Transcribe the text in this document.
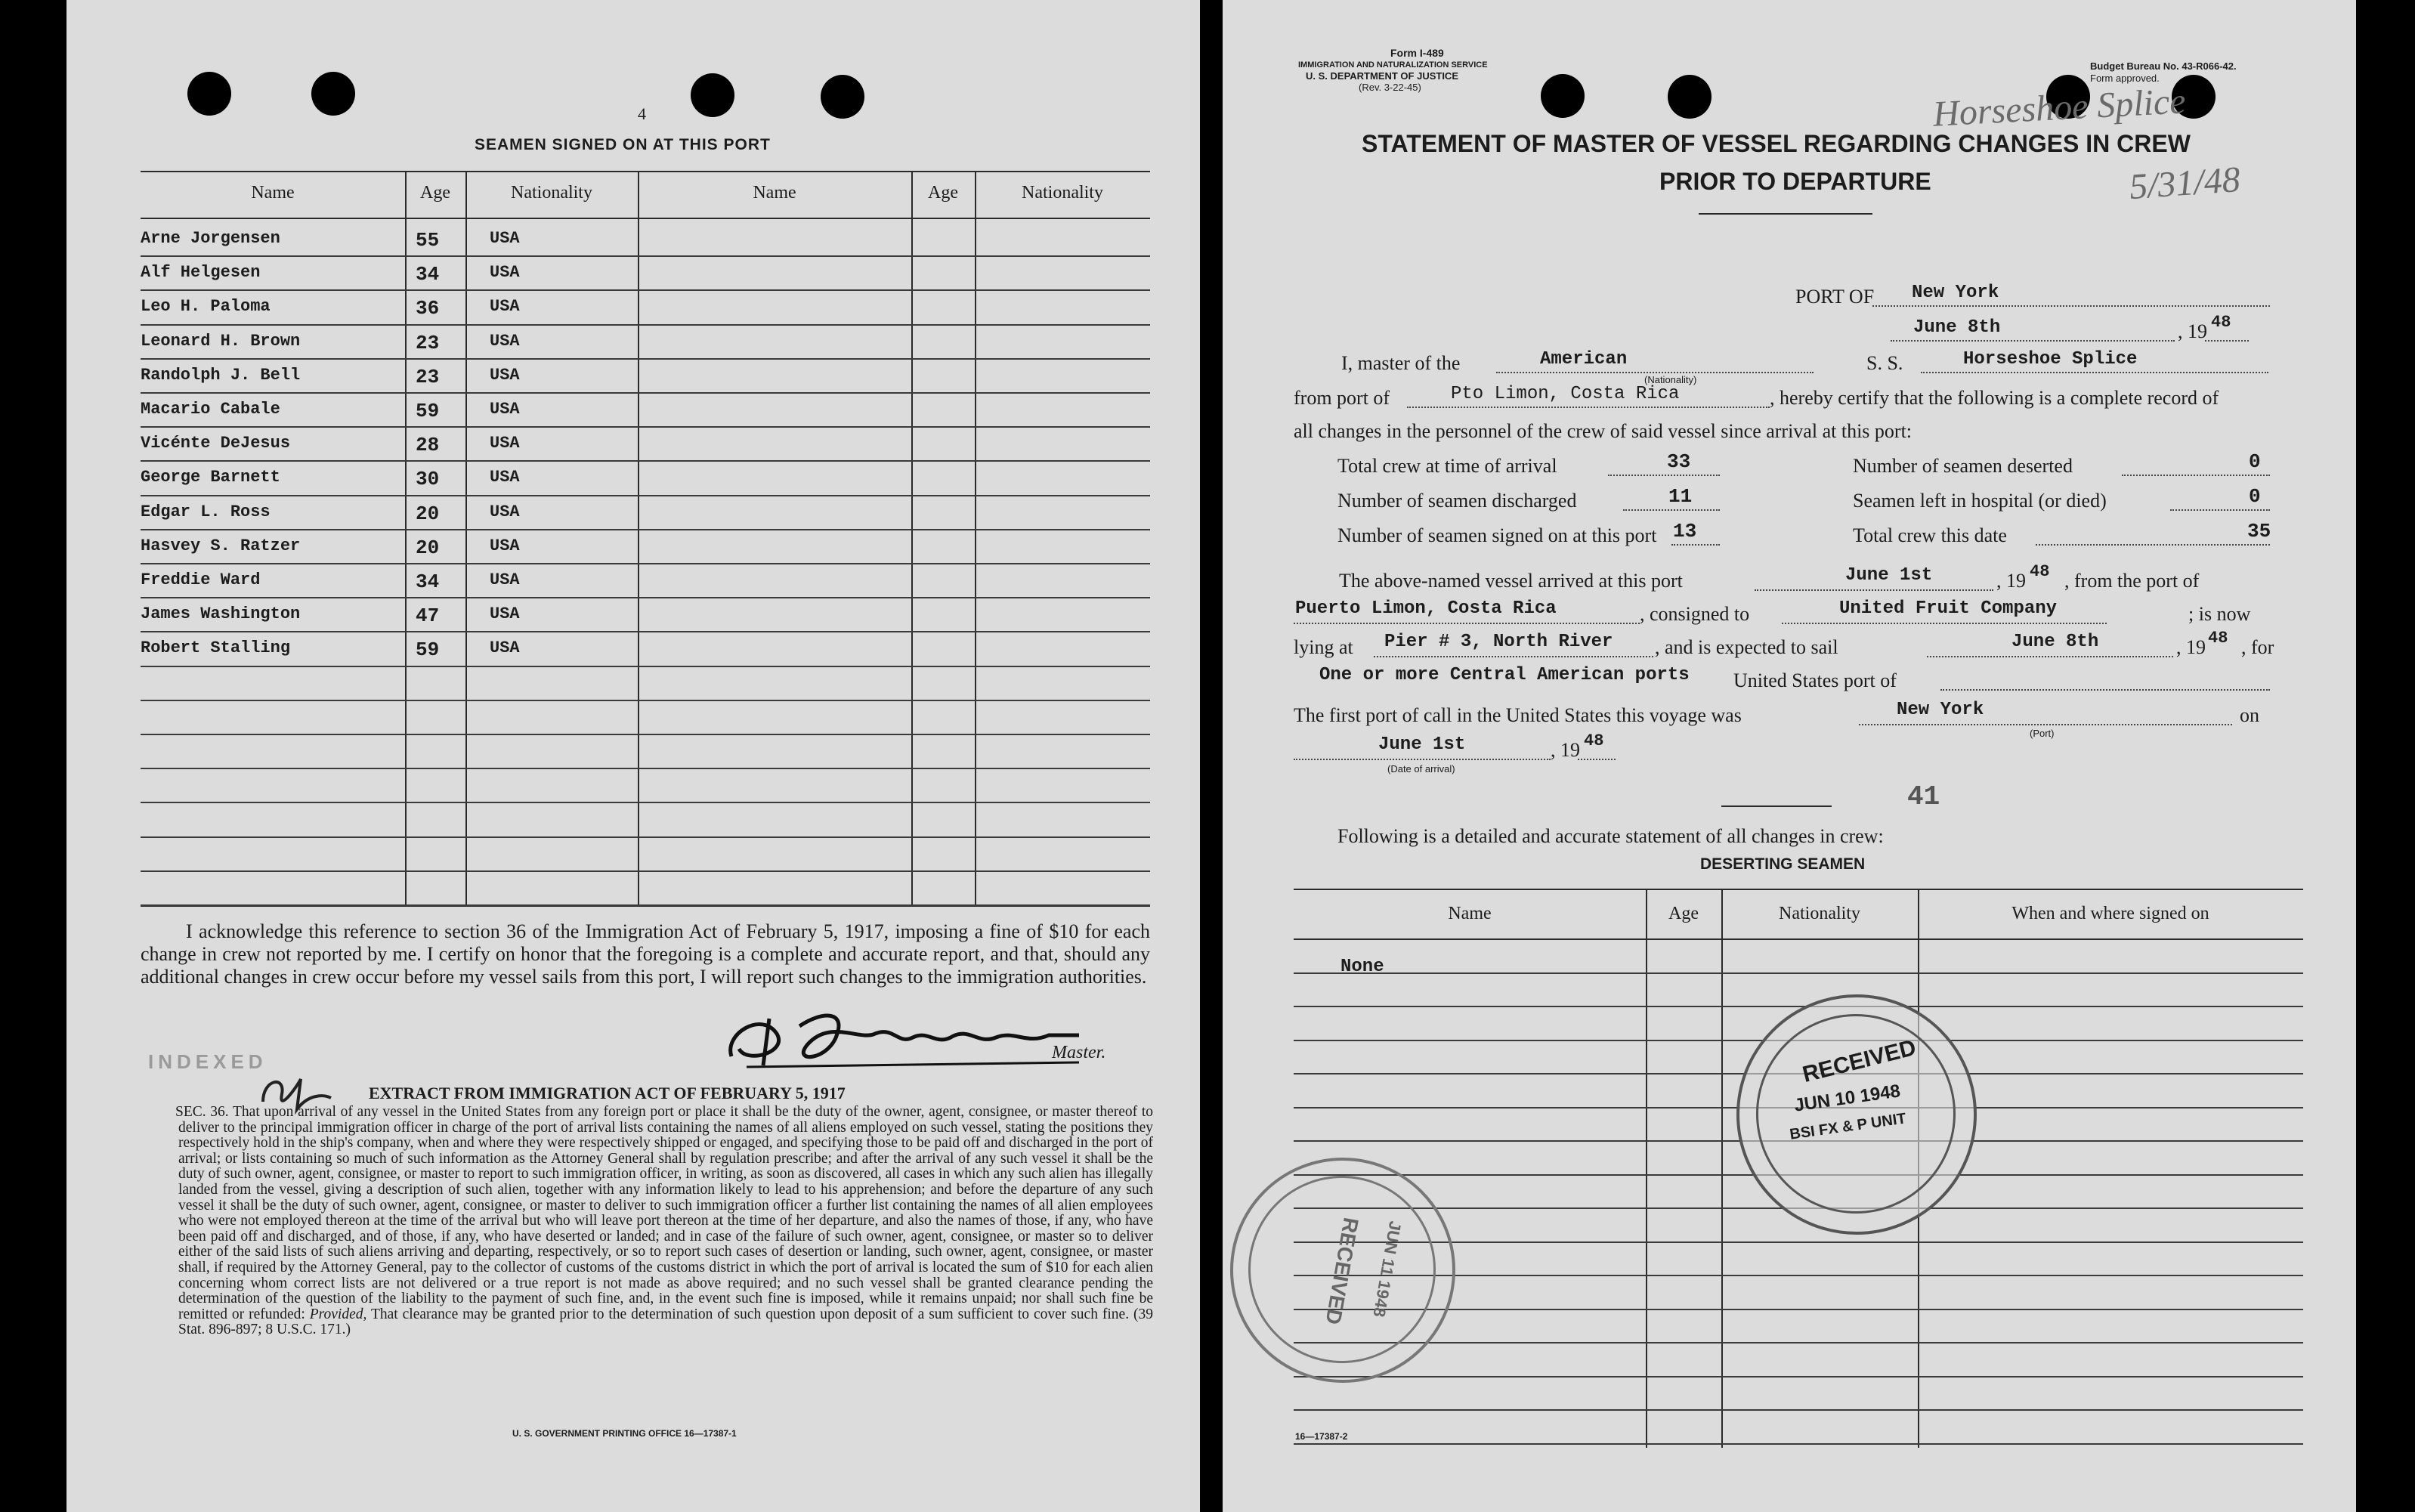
4
SEAMEN SIGNED ON AT THIS PORT
Name	Age	Nationality	Name	Age	Nationality
Arne Jorgensen	55	USA
Alf Helgesen	34	USA
Leo H. Paloma	36	USA
Leonard H. Brown	23	USA
Randolph J. Bell	23	USA
Macario Cabale	59	USA
Vicénte DeJesus	28	USA
George Barnett	30	USA
Edgar L. Ross	20	USA
Hasvey S. Ratzer	20	USA
Freddie Ward	34	USA
James Washington	47	USA
Robert Stalling	59	USA
I acknowledge this reference to section 36 of the Immigration Act of February 5, 1917, imposing a fine of $10 for each change in crew not reported by me. I certify on honor that the foregoing is a complete and accurate report, and that, should any additional changes in crew occur before my vessel sails from this port, I will report such changes to the immigration authorities.
Master.
INDEXED
EXTRACT FROM IMMIGRATION ACT OF FEBRUARY 5, 1917
SEC. 36. That upon arrival of any vessel in the United States from any foreign port or place it shall be the duty of the owner, agent, consignee, or master thereof to deliver to the principal immigration officer in charge of the port of arrival lists containing the names of all aliens employed on such vessel, stating the positions they respectively hold in the ship's company, when and where they were respectively shipped or engaged, and specifying those to be paid off and discharged in the port of arrival; or lists containing so much of such information as the Attorney General shall by regulation prescribe; and after the arrival of any such vessel it shall be the duty of such owner, agent, consignee, or master to report to such immigration officer, in writing, as soon as discovered, all cases in which any such alien has illegally landed from the vessel, giving a description of such alien, together with any information likely to lead to his apprehension; and before the departure of any such vessel it shall be the duty of such owner, agent, consignee, or master to deliver to such immigration officer a further list containing the names of all alien employees who were not employed thereon at the time of the arrival but who will leave port thereon at the time of her departure, and also the names of those, if any, who have been paid off and discharged, and of those, if any, who have deserted or landed; and in case of the failure of such owner, agent, consignee, or master so to deliver either of the said lists of such aliens arriving and departing, respectively, or so to report such cases of desertion or landing, such owner, agent, consignee, or master shall, if required by the Attorney General, pay to the collector of customs of the customs district in which the port of arrival is located the sum of $10 for each alien concerning whom correct lists are not delivered or a true report is not made as above required; and no such vessel shall be granted clearance pending the determination of the question of the liability to the payment of such fine, and, in the event such fine is imposed, while it remains unpaid; nor shall such fine be remitted or refunded: Provided, That clearance may be granted prior to the determination of such question upon deposit of a sum sufficient to cover such fine. (39 Stat. 896-897; 8 U.S.C. 171.)
U. S. GOVERNMENT PRINTING OFFICE 16—17387-1
Form I-489
IMMIGRATION AND NATURALIZATION SERVICE
U. S. DEPARTMENT OF JUSTICE
(Rev. 3-22-45)
Budget Bureau No. 43-R066-42.
Form approved.
Horseshoe Splice
5/31/48
STATEMENT OF MASTER OF VESSEL REGARDING CHANGES IN CREW
PRIOR TO DEPARTURE
PORT OF New York
June 8th	, 19 48
I, master of the	American
(Nationality)
S. S.	Horseshoe Splice
from port of	Pto Limon, Costa Rica	, hereby certify that the following is a complete record of
all changes in the personnel of the crew of said vessel since arrival at this port:
Total crew at time of arrival	33	Number of seamen deserted	0
Number of seamen discharged	11	Seamen left in hospital (or died)	0
Number of seamen signed on at this port 13	Total crew this date	35
The above-named vessel arrived at this port	June 1st	, 19 48 , from the port of
Puerto Limon, Costa Rica	, consigned to	United Fruit Company	; is now
lying at Pier # 3, North River , and is expected to sail	June 8th	, 19 48 , for
One or more Central American ports United States port of
The first port of call in the United States this voyage was	New York	on
(Port)
June 1st	, 19 48
(Date of arrival)
41
Following is a detailed and accurate statement of all changes in crew:
DESERTING SEAMEN
Name	Age	Nationality	When and where signed on
None
RECEIVED
JUN 10 1948
BSI FX & P UNIT
RECEIVED JUN 11 1948
16—17387-2
